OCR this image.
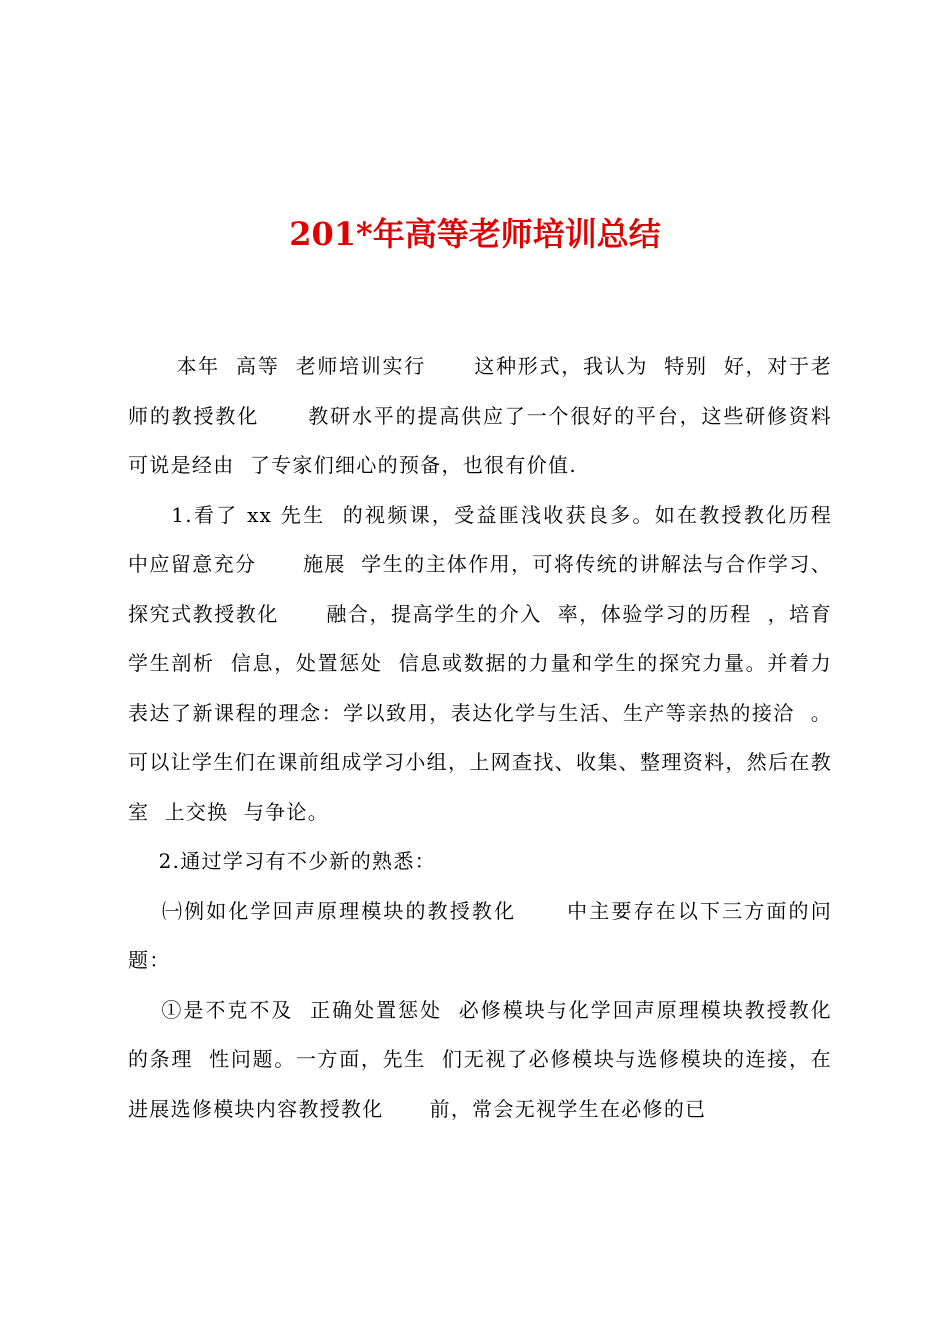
201*年高等老师培训总结

本年  高等  老师培训实行      这种形式，我认为  特别  好，对于老师的教授教化      教研水平的提高供应了一个很好的平台，这些研修资料  可说是经由  了专家们细心的预备，也很有价值.

1.看了 xx 先生  的视频课，受益匪浅收获良多。如在教授教化历程  中应留意充分      施展  学生的主体作用，可将传统的讲解法与合作学习、探究式教授教化      融合，提高学生的介入  率，体验学习的历程  ，培育学生剖析  信息，处置惩处  信息或数据的力量和学生的探究力量。并着力表达了新课程的理念：学以致用，表达化学与生活、生产等亲热的接洽  。可以让学生们在课前组成学习小组，上网查找、收集、整理资料，然后在教室  上交换  与争论。

2.通过学习有不少新的熟悉：

㈠例如化学回声原理模块的教授教化      中主要存在以下三方面的问题：

①是不克不及  正确处置惩处  必修模块与化学回声原理模块教授教化      的条理  性问题。一方面，先生  们无视了必修模块与选修模块的连接，在进展选修模块内容教授教化      前，常会无视学生在必修的已
